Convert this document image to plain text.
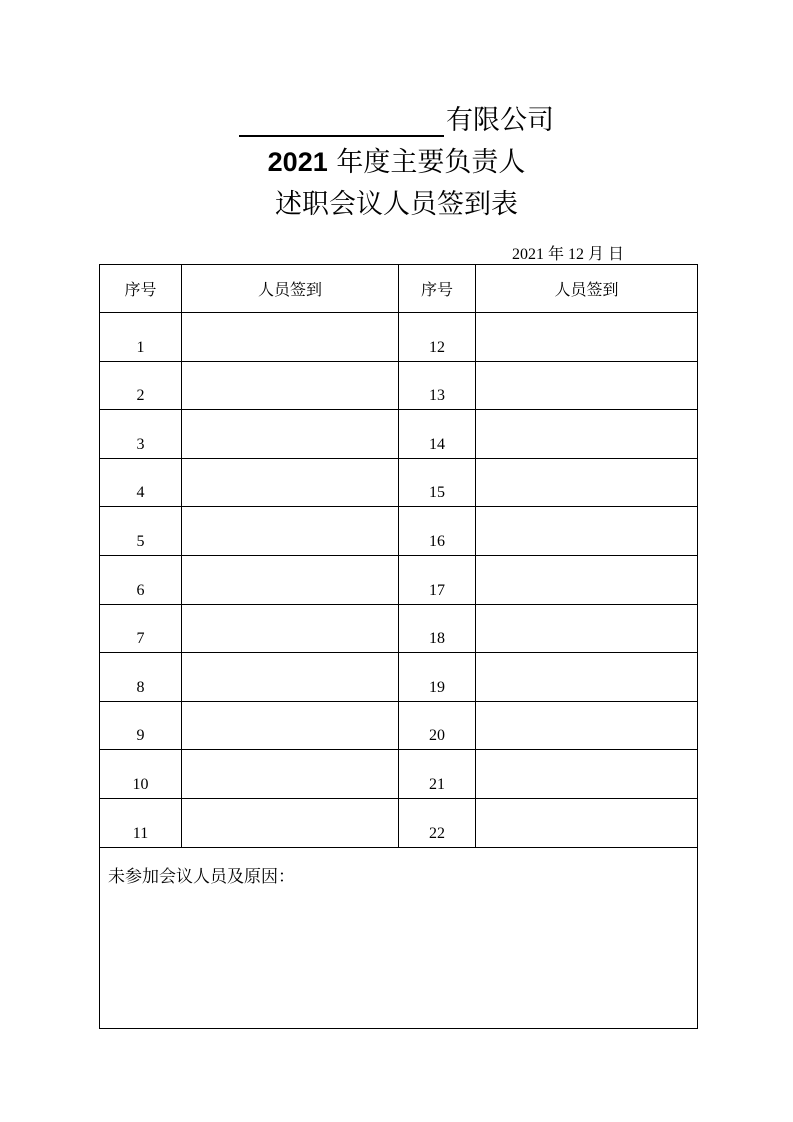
有限公司
2021 年度主要负责人
述职会议人员签到表
2021 年 12 月 日
序号	人员签到	序号	人员签到
1		12	
2		13	
3		14	
4		15	
5		16	
6		17	
7		18	
8		19	
9		20	
10		21	
11		22	
未参加会议人员及原因：			
